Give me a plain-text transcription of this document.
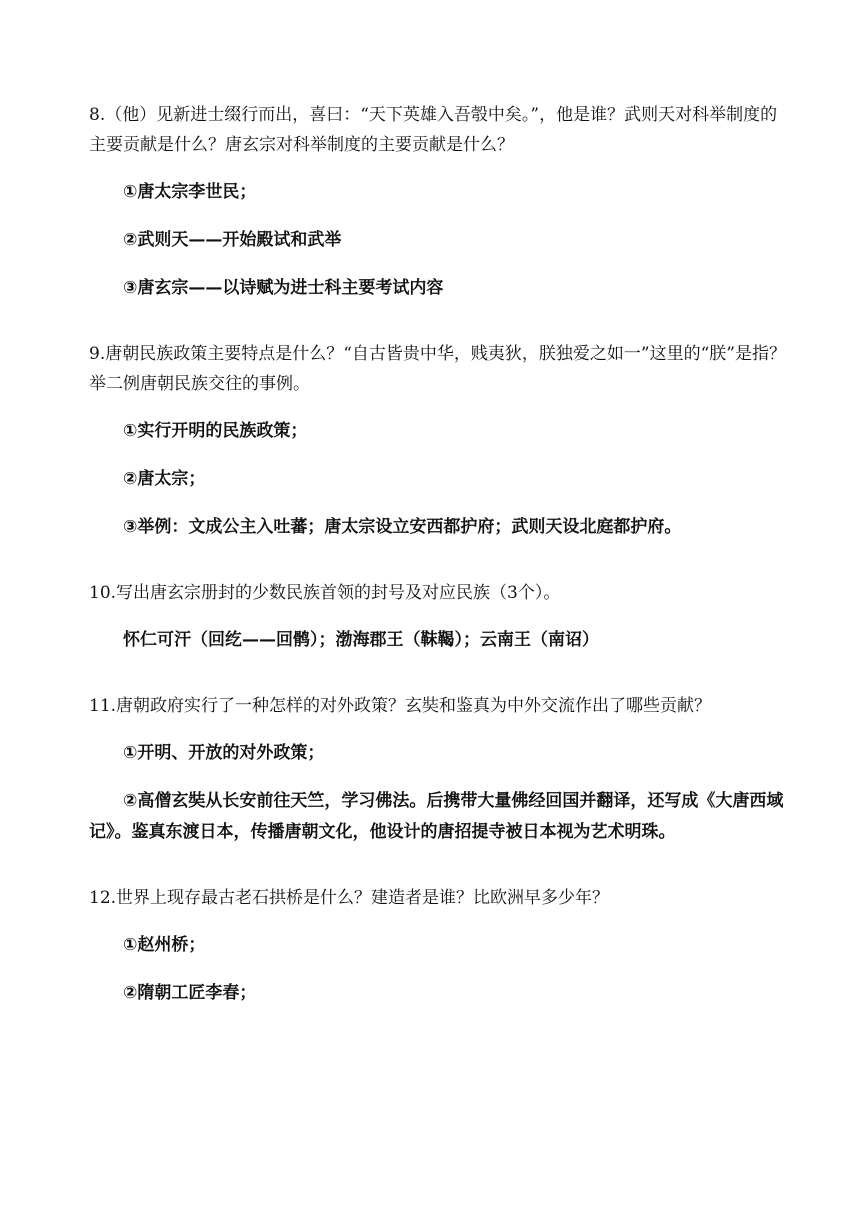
8.（他）见新进士缀行而出，喜曰：“天下英雄入吾彀中矣。”，他是谁？武则天对科举制度的主要贡献是什么？唐玄宗对科举制度的主要贡献是什么？

①唐太宗李世民；

②武则天——开始殿试和武举

③唐玄宗——以诗赋为进士科主要考试内容

9.唐朝民族政策主要特点是什么？“自古皆贵中华，贱夷狄，朕独爱之如一”这里的“朕”是指？举二例唐朝民族交往的事例。

①实行开明的民族政策；

②唐太宗；

③举例：文成公主入吐蕃；唐太宗设立安西都护府；武则天设北庭都护府。

10.写出唐玄宗册封的少数民族首领的封号及对应民族（3个）。

怀仁可汗（回纥——回鹘）；渤海郡王（靺鞨）；云南王（南诏）

11.唐朝政府实行了一种怎样的对外政策？玄奘和鉴真为中外交流作出了哪些贡献？

①开明、开放的对外政策；

②高僧玄奘从长安前往天竺，学习佛法。后携带大量佛经回国并翻译，还写成《大唐西域记》。鉴真东渡日本，传播唐朝文化，他设计的唐招提寺被日本视为艺术明珠。

12.世界上现存最古老石拱桥是什么？建造者是谁？比欧洲早多少年？

①赵州桥；

②隋朝工匠李春；
